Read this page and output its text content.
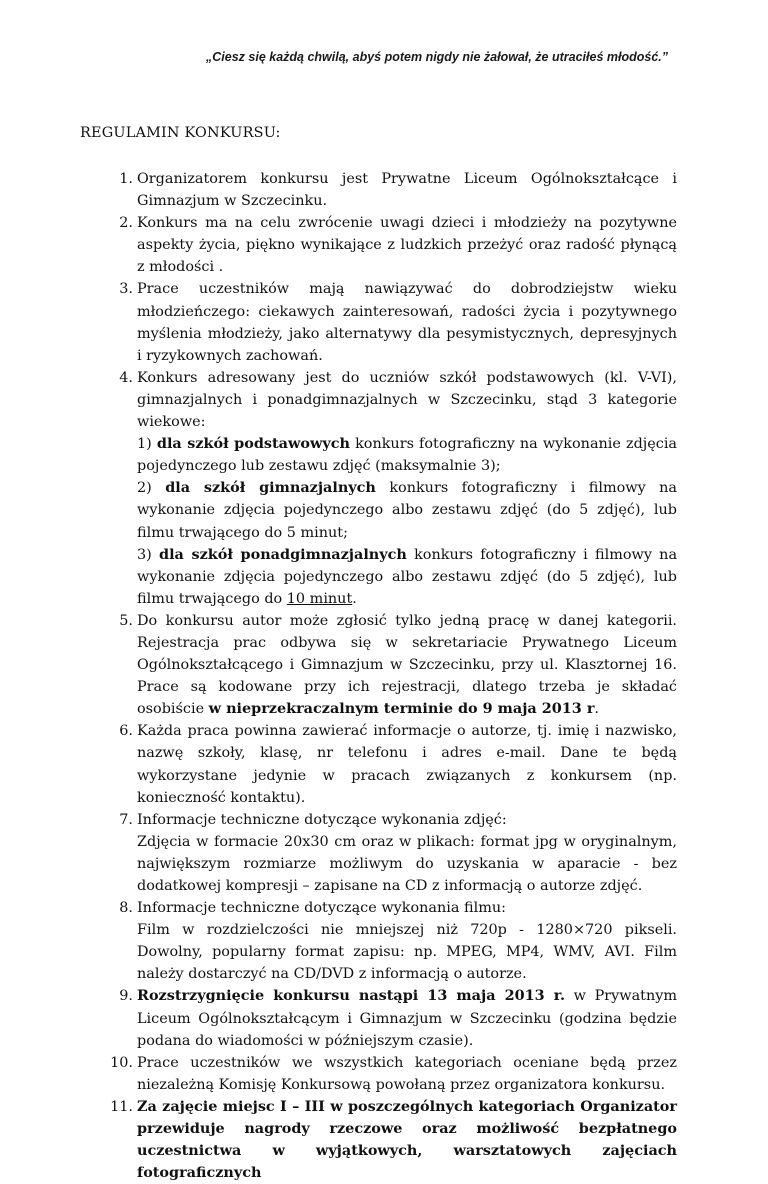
„Ciesz się każdą chwilą, abyś potem nigdy nie żałował, że utraciłeś młodość.”
REGULAMIN KONKURSU:
1. Organizatorem konkursu jest Prywatne Liceum Ogólnokształcące i Gimnazjum w Szczecinku.
2. Konkurs ma na celu zwrócenie uwagi dzieci i młodzieży na pozytywne aspekty życia, piękno wynikające z ludzkich przeżyć oraz radość płynącą z młodości .
3. Prace uczestników mają nawiązywać do dobrodziejstw wieku młodzieńczego: ciekawych zainteresowań, radości życia i pozytywnego myślenia młodzieży, jako alternatywy dla pesymistycznych, depresyjnych i ryzykownych zachowań.
4. Konkurs adresowany jest do uczniów szkół podstawowych (kl. V-VI), gimnazjalnych i ponadgimnazjalnych w Szczecinku, stąd 3 kategorie wiekowe:
1) dla szkół podstawowych konkurs fotograficzny na wykonanie zdjęcia pojedynczego lub zestawu zdjęć (maksymalnie 3);
2) dla szkół gimnazjalnych konkurs fotograficzny i filmowy na wykonanie zdjęcia pojedynczego albo zestawu zdjęć (do 5 zdjęć), lub filmu trwającego do 5 minut;
3) dla szkół ponadgimnazjalnych konkurs fotograficzny i filmowy na wykonanie zdjęcia pojedynczego albo zestawu zdjęć (do 5 zdjęć), lub filmu trwającego do 10 minut.
5. Do konkursu autor może zgłosić tylko jedną pracę w danej kategorii. Rejestracja prac odbywa się w sekretariacie Prywatnego Liceum Ogólnokształcącego i Gimnazjum w Szczecinku, przy ul. Klasztornej 16. Prace są kodowane przy ich rejestracji, dlatego trzeba je składać osobiście w nieprzekraczalnym terminie do 9 maja 2013 r.
6. Każda praca powinna zawierać informacje o autorze, tj. imię i nazwisko, nazwę szkoły, klasę, nr telefonu i adres e-mail. Dane te będą wykorzystane jedynie w pracach związanych z konkursem (np. konieczność kontaktu).
7. Informacje techniczne dotyczące wykonania zdjęć:
Zdjęcia w formacie 20x30 cm oraz w plikach: format jpg w oryginalnym, największym rozmiarze możliwym do uzyskania w aparacie - bez dodatkowej kompresji – zapisane na CD z informacją o autorze zdjęć.
8. Informacje techniczne dotyczące wykonania filmu:
Film w rozdzielczości nie mniejszej niż 720p - 1280×720 pikseli. Dowolny, popularny format zapisu: np. MPEG, MP4, WMV, AVI. Film należy dostarczyć na CD/DVD z informacją o autorze.
9. Rozstrzygnięcie konkursu nastąpi 13 maja 2013 r. w Prywatnym Liceum Ogólnokształcącym i Gimnazjum w Szczecinku (godzina będzie podana do wiadomości w późniejszym czasie).
10. Prace uczestników we wszystkich kategoriach oceniane będą przez niezależną Komisję Konkursową powołaną przez organizatora konkursu.
11. Za zajęcie miejsc I – III w poszczególnych kategoriach Organizator przewiduje nagrody rzeczowe oraz możliwość bezpłatnego uczestnictwa w wyjątkowych, warsztatowych zajęciach fotograficznych
